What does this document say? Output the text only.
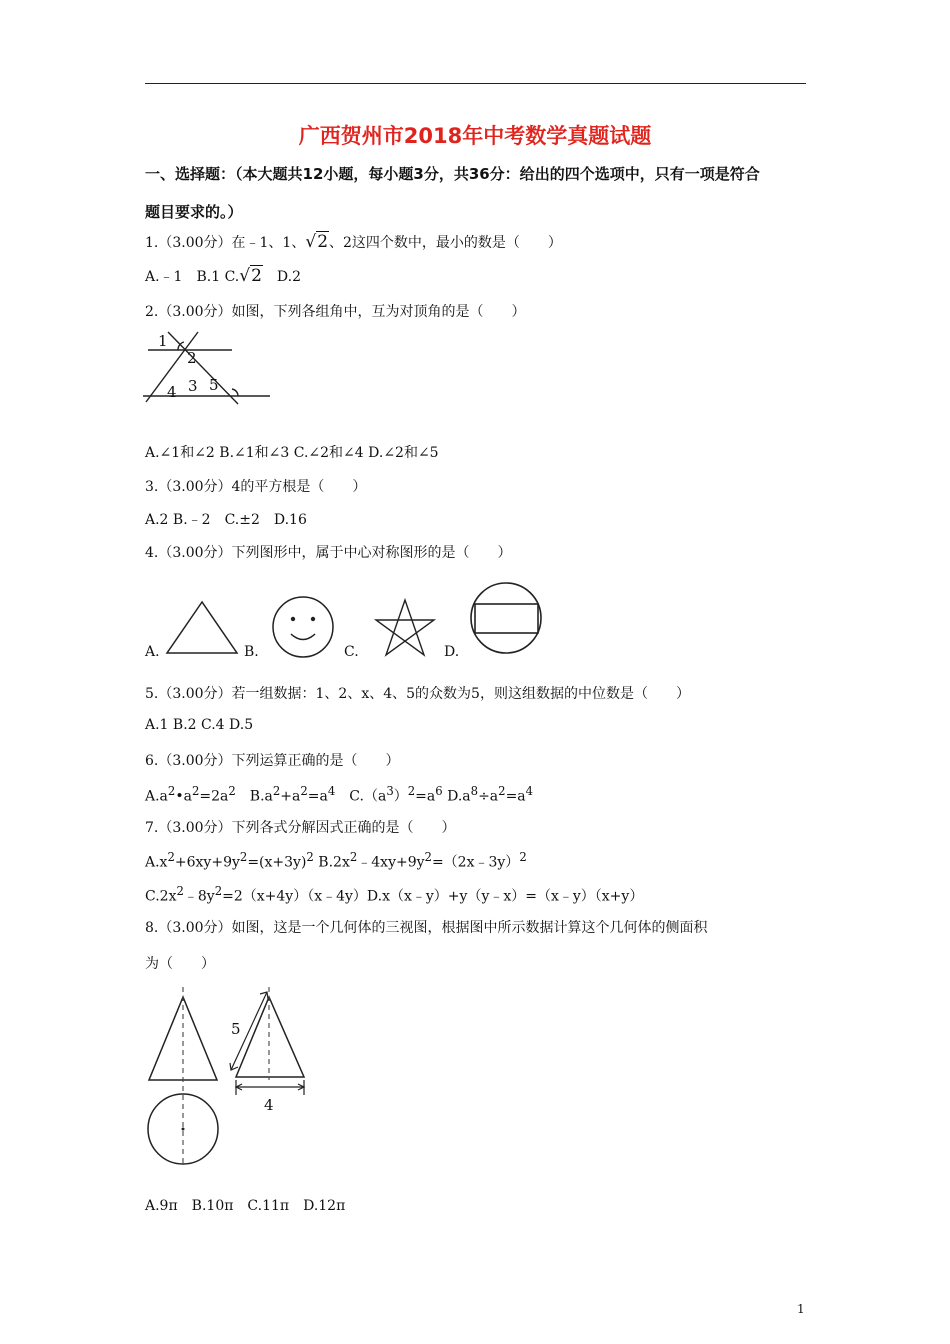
广西贺州市2018年中考数学真题试题
一、选择题：（本大题共12小题，每小题3分，共36分：给出的四个选项中，只有一项是符合
题目要求的。）
1.（3.00分）在﹣1、1、√2、2这四个数中，最小的数是（　　）
A.﹣1　B.1 C.√2　D.2
2.（3.00分）如图，下列各组角中，互为对顶角的是（　　）
1
2
3
4 5
A.∠1和∠2 B.∠1和∠3 C.∠2和∠4 D.∠2和∠5
3.（3.00分）4的平方根是（　　）
A.2 B.﹣2　C.±2　D.16
4.（3.00分）下列图形中，属于中心对称图形的是（　　）
A.	B.	C.	D.
5.（3.00分）若一组数据：1、2、x、4、5的众数为5，则这组数据的中位数是（　　）
A.1 B.2 C.4 D.5
6.（3.00分）下列运算正确的是（　　）
$A.a^2•a^2=2a^2$　$B.a^2+a^2=a^4$　$C.(a^3)^2=a^6$ $D.a^8\div a^2=a^4$
7.（3.00分）下列各式分解因式正确的是（　　）
$A.x^2+6xy+9y^2=(x+3y)^2$ $B.2x^2﹣4xy+9y^2=(2x﹣3y)^2$
$C.2x^2﹣8y^2=2(x+4y)(x﹣4y)D.x(x﹣y)+y(y﹣x)=(x﹣y)(x+y)$
8.（3.00分）如图，这是一个几何体的三视图，根据图中所示数据计算这个几何体的侧面积
为（　　）
5
4
A.9π　B.10π　C.11π　D.12π
1
